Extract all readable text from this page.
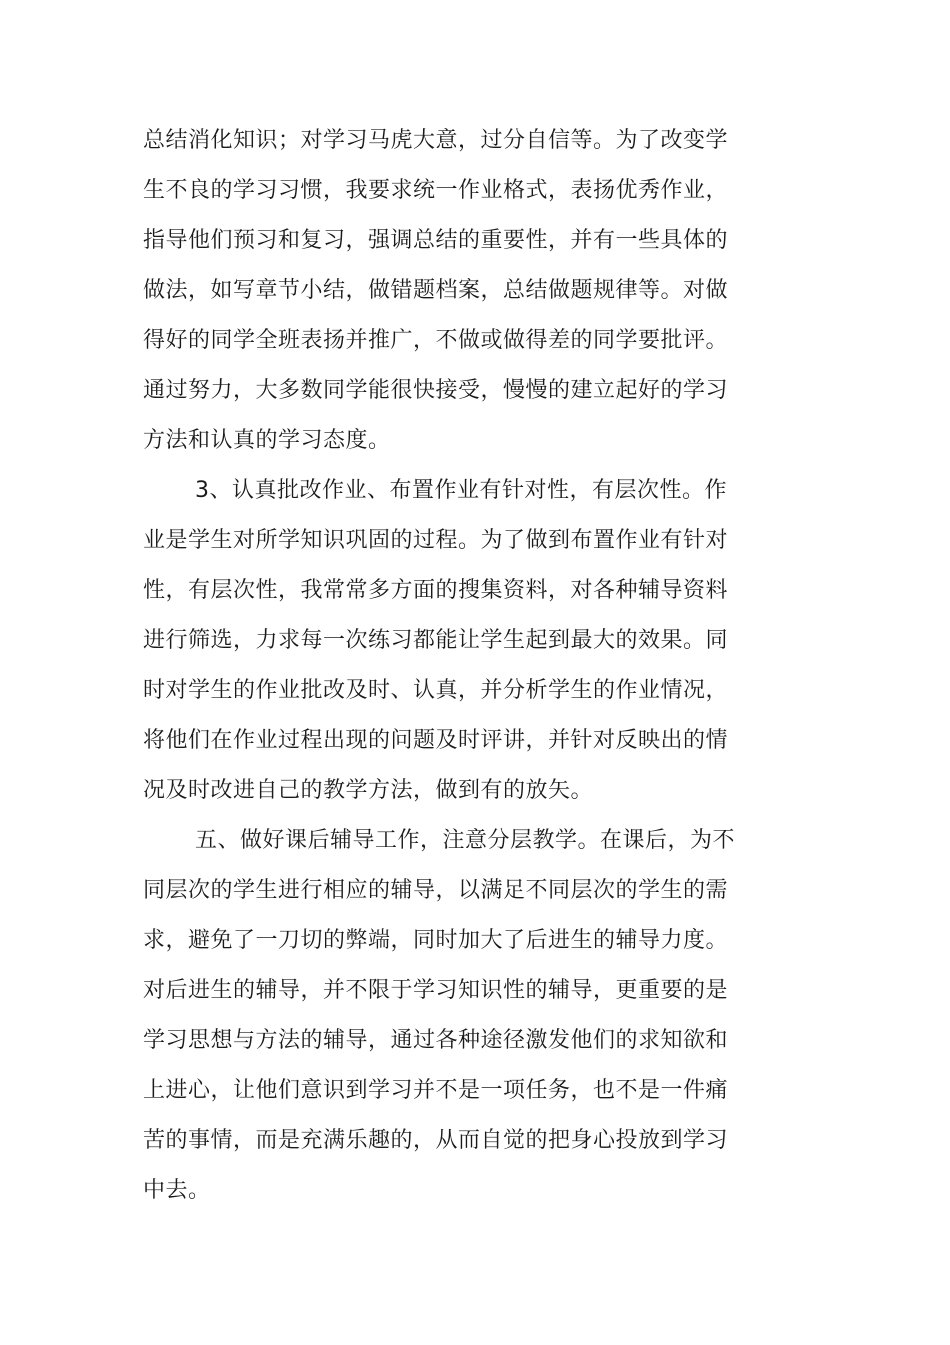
总结消化知识；对学习马虎大意，过分自信等。为了改变学
生不良的学习习惯，我要求统一作业格式，表扬优秀作业，
指导他们预习和复习，强调总结的重要性，并有一些具体的
做法，如写章节小结，做错题档案，总结做题规律等。对做
得好的同学全班表扬并推广，不做或做得差的同学要批评。
通过努力，大多数同学能很快接受，慢慢的建立起好的学习
方法和认真的学习态度。
3、认真批改作业、布置作业有针对性，有层次性。作
业是学生对所学知识巩固的过程。为了做到布置作业有针对
性，有层次性，我常常多方面的搜集资料，对各种辅导资料
进行筛选，力求每一次练习都能让学生起到最大的效果。同
时对学生的作业批改及时、认真，并分析学生的作业情况，
将他们在作业过程出现的问题及时评讲，并针对反映出的情
况及时改进自己的教学方法，做到有的放矢。
五、做好课后辅导工作，注意分层教学。在课后，为不
同层次的学生进行相应的辅导，以满足不同层次的学生的需
求，避免了一刀切的弊端，同时加大了后进生的辅导力度。
对后进生的辅导，并不限于学习知识性的辅导，更重要的是
学习思想与方法的辅导，通过各种途径激发他们的求知欲和
上进心，让他们意识到学习并不是一项任务，也不是一件痛
苦的事情，而是充满乐趣的，从而自觉的把身心投放到学习
中去。
